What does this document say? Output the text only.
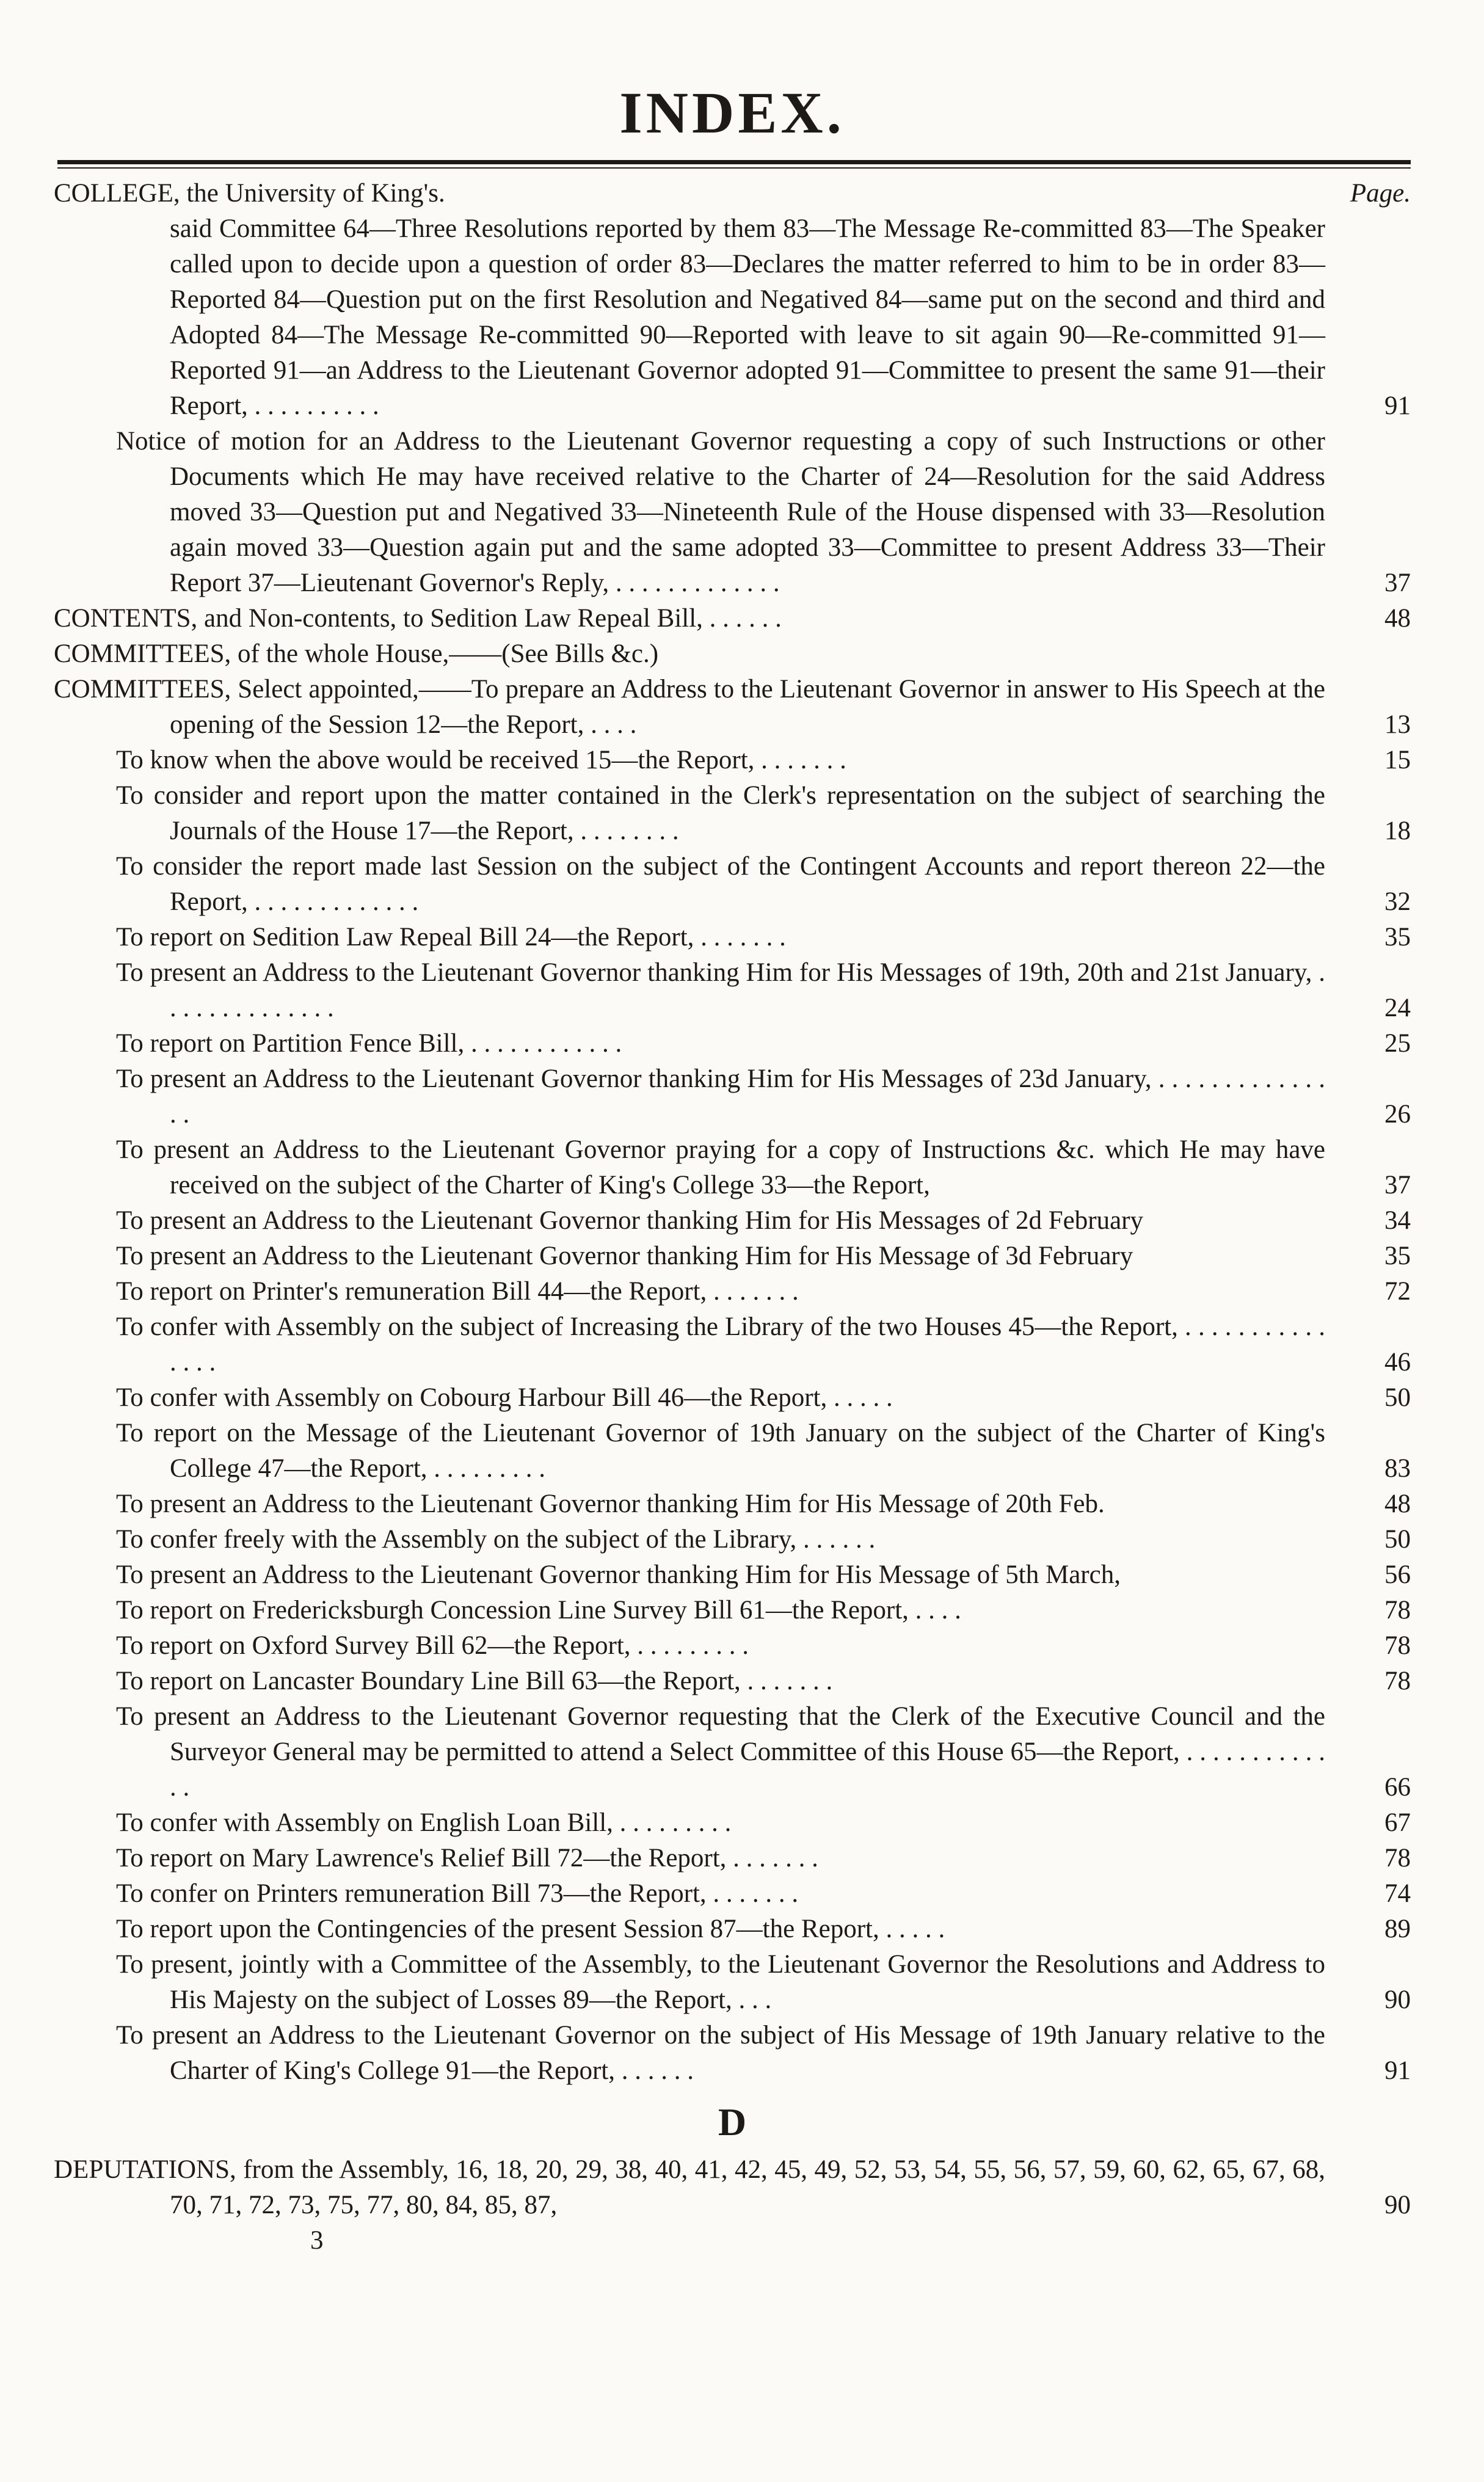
INDEX.
COLLEGE, the University of King's.	Page.
said Committee 64—Three Resolutions reported by them 83—The Message Re-committed 83—The Speaker called upon to decide upon a question of order 83—Declares the matter referred to him to be in order 83—Reported 84—Question put on the first Resolution and Negatived 84—same put on the second and third and Adopted 84—The Message Re-committed 90—Reported with leave to sit again 90—Re-committed 91—Reported 91—an Address to the Lieutenant Governor adopted 91—Committee to present the same 91—their Report, . . . . . . . . . .	91
Notice of motion for an Address to the Lieutenant Governor requesting a copy of such Instructions or other Documents which He may have received relative to the Charter of 24—Resolution for the said Address moved 33—Question put and Negatived 33—Nineteenth Rule of the House dispensed with 33—Resolution again moved 33—Question again put and the same adopted 33—Committee to present Address 33—Their Report 37—Lieutenant Governor's Reply, . . . . . . . . . . . . .	37
CONTENTS, and Non-contents, to Sedition Law Repeal Bill, . . . . . .	48
COMMITTEES, of the whole House,——(See Bills &c.)
COMMITTEES, Select appointed,——To prepare an Address to the Lieutenant Governor in answer to His Speech at the opening of the Session 12—the Report, . . . .	13
To know when the above would be received 15—the Report, . . . . . . .	15
To consider and report upon the matter contained in the Clerk's representation on the subject of searching the Journals of the House 17—the Report, . . . . . . . .	18
To consider the report made last Session on the subject of the Contingent Accounts and report thereon 22—the Report, . . . . . . . . . . . . .	32
To report on Sedition Law Repeal Bill 24—the Report, . . . . . . .	35
To present an Address to the Lieutenant Governor thanking Him for His Messages of 19th, 20th and 21st January, . . . . . . . . . . . . . .	24
To report on Partition Fence Bill, . . . . . . . . . . . .	25
To present an Address to the Lieutenant Governor thanking Him for His Messages of 23d January, . . . . . . . . . . . . . . .	26
To present an Address to the Lieutenant Governor praying for a copy of Instructions &c. which He may have received on the subject of the Charter of King's College 33—the Report,	37
To present an Address to the Lieutenant Governor thanking Him for His Messages of 2d February	34
To present an Address to the Lieutenant Governor thanking Him for His Message of 3d February	35
To report on Printer's remuneration Bill 44—the Report, . . . . . . .	72
To confer with Assembly on the subject of Increasing the Library of the two Houses 45—the Report, . . . . . . . . . . . . . . .	46
To confer with Assembly on Cobourg Harbour Bill 46—the Report, . . . . .	50
To report on the Message of the Lieutenant Governor of 19th January on the subject of the Charter of King's College 47—the Report, . . . . . . . . .	83
To present an Address to the Lieutenant Governor thanking Him for His Message of 20th Feb.	48
To confer freely with the Assembly on the subject of the Library, . . . . . .	50
To present an Address to the Lieutenant Governor thanking Him for His Message of 5th March,	56
To report on Fredericksburgh Concession Line Survey Bill 61—the Report, . . . .	78
To report on Oxford Survey Bill 62—the Report, . . . . . . . . .	78
To report on Lancaster Boundary Line Bill 63—the Report, . . . . . . .	78
To present an Address to the Lieutenant Governor requesting that the Clerk of the Executive Council and the Surveyor General may be permitted to attend a Select Committee of this House 65—the Report, . . . . . . . . . . . . .	66
To confer with Assembly on English Loan Bill, . . . . . . . . .	67
To report on Mary Lawrence's Relief Bill 72—the Report, . . . . . . .	78
To confer on Printers remuneration Bill 73—the Report, . . . . . . .	74
To report upon the Contingencies of the present Session 87—the Report, . . . . .	89
To present, jointly with a Committee of the Assembly, to the Lieutenant Governor the Resolutions and Address to His Majesty on the subject of Losses 89—the Report, . . .	90
To present an Address to the Lieutenant Governor on the subject of His Message of 19th January relative to the Charter of King's College 91—the Report, . . . . . .	91
D
DEPUTATIONS, from the Assembly, 16, 18, 20, 29, 38, 40, 41, 42, 45, 49, 52, 53, 54, 55, 56, 57, 59, 60, 62, 65, 67, 68, 70, 71, 72, 73, 75, 77, 80, 84, 85, 87,	90
3
